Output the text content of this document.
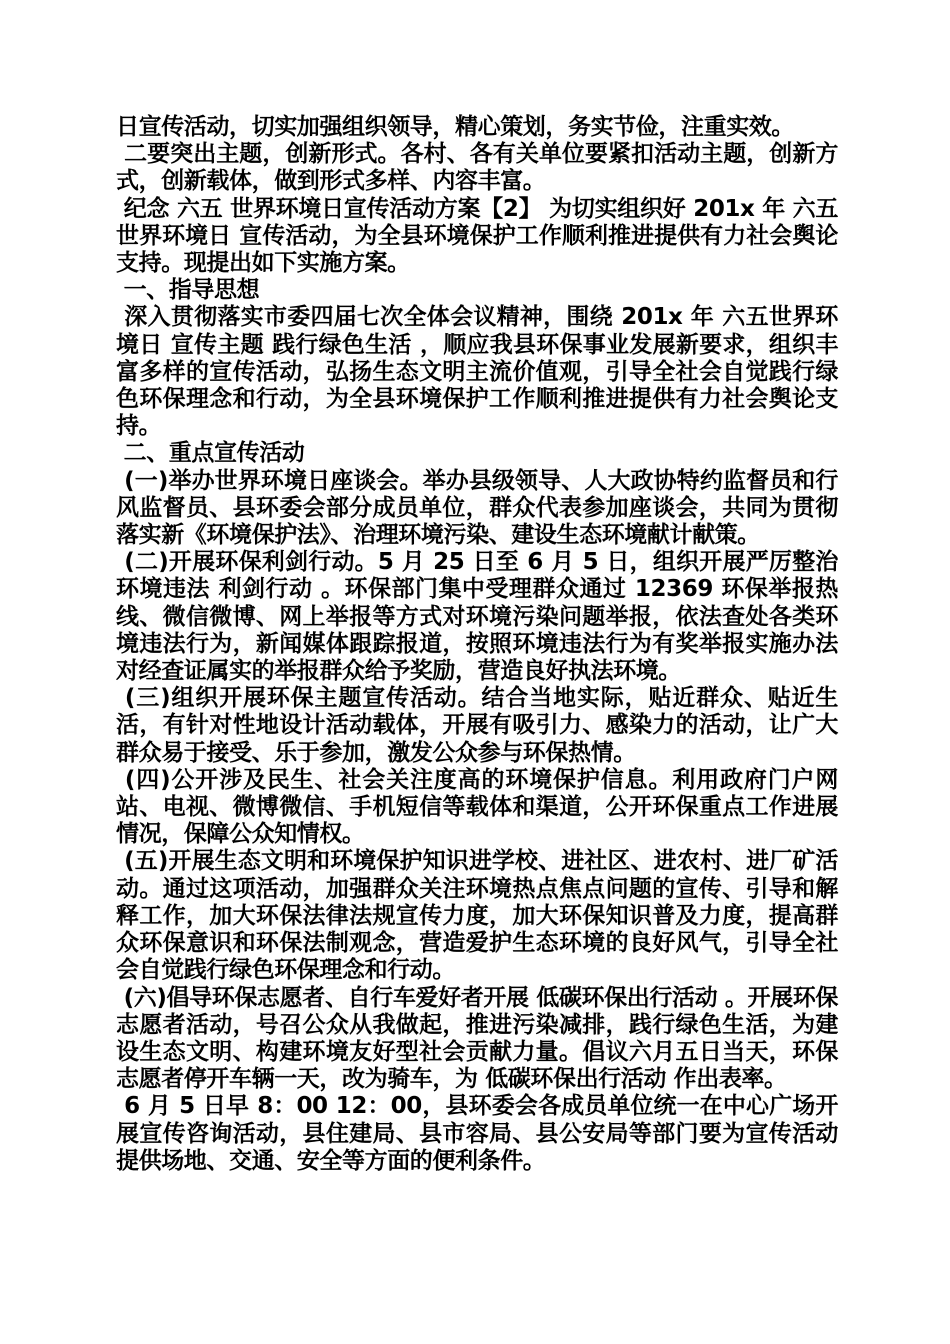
日宣传活动，切实加强组织领导，精心策划，务实节俭，注重实效。

二要突出主题，创新形式。各村、各有关单位要紧扣活动主题，创新方式，创新载体，做到形式多样、内容丰富。

纪念 六五 世界环境日宣传活动方案【2】 为切实组织好 201x 年 六五世界环境日 宣传活动，为全县环境保护工作顺利推进提供有力社会舆论支持。现提出如下实施方案。

一、指导思想

深入贯彻落实市委四届七次全体会议精神，围绕 201x 年 六五世界环境日 宣传主题 践行绿色生活 ，顺应我县环保事业发展新要求，组织丰富多样的宣传活动，弘扬生态文明主流价值观，引导全社会自觉践行绿色环保理念和行动，为全县环境保护工作顺利推进提供有力社会舆论支持。

二、重点宣传活动

(一)举办世界环境日座谈会。举办县级领导、人大政协特约监督员和行风监督员、县环委会部分成员单位，群众代表参加座谈会，共同为贯彻落实新《环境保护法》、治理环境污染、建设生态环境献计献策。

(二)开展环保利剑行动。5 月 25 日至 6 月 5 日，组织开展严厉整治环境违法 利剑行动 。环保部门集中受理群众通过 12369 环保举报热线、微信微博、网上举报等方式对环境污染问题举报，依法查处各类环境违法行为，新闻媒体跟踪报道，按照环境违法行为有奖举报实施办法对经查证属实的举报群众给予奖励，营造良好执法环境。

(三)组织开展环保主题宣传活动。结合当地实际，贴近群众、贴近生活，有针对性地设计活动载体，开展有吸引力、感染力的活动，让广大群众易于接受、乐于参加，激发公众参与环保热情。

(四)公开涉及民生、社会关注度高的环境保护信息。利用政府门户网站、电视、微博微信、手机短信等载体和渠道，公开环保重点工作进展情况，保障公众知情权。

(五)开展生态文明和环境保护知识进学校、进社区、进农村、进厂矿活动。通过这项活动，加强群众关注环境热点焦点问题的宣传、引导和解释工作，加大环保法律法规宣传力度，加大环保知识普及力度，提高群众环保意识和环保法制观念，营造爱护生态环境的良好风气，引导全社会自觉践行绿色环保理念和行动。

(六)倡导环保志愿者、自行车爱好者开展 低碳环保出行活动 。开展环保志愿者活动，号召公众从我做起，推进污染减排，践行绿色生活，为建设生态文明、构建环境友好型社会贡献力量。倡议六月五日当天，环保志愿者停开车辆一天，改为骑车，为 低碳环保出行活动 作出表率。

6 月 5 日早 8：00 12：00，县环委会各成员单位统一在中心广场开展宣传咨询活动，县住建局、县市容局、县公安局等部门要为宣传活动提供场地、交通、安全等方面的便利条件。
